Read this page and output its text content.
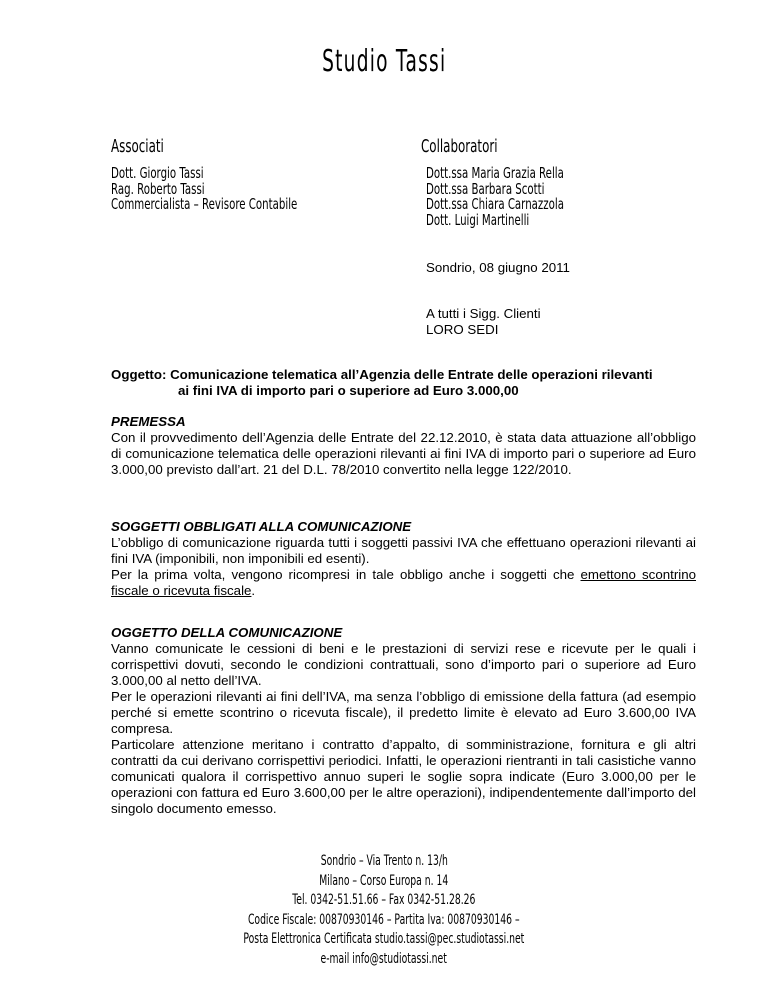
Studio Tassi
Associati	Collaboratori
Dott. Giorgio Tassi
Rag. Roberto Tassi
Commercialista – Revisore Contabile
Dott.ssa Maria Grazia Rella
Dott.ssa Barbara Scotti
Dott.ssa Chiara Carnazzola
Dott. Luigi Martinelli
Sondrio, 08 giugno 2011
A tutti i Sigg. Clienti
LORO SEDI
Oggetto: Comunicazione telematica all’Agenzia delle Entrate delle operazioni rilevanti
ai fini IVA di importo pari o superiore ad Euro 3.000,00
PREMESSA
Con il provvedimento dell’Agenzia delle Entrate del 22.12.2010, è stata data attuazione all’obbligo di comunicazione telematica delle operazioni rilevanti ai fini IVA di importo pari o superiore ad Euro 3.000,00 previsto dall’art. 21 del D.L. 78/2010 convertito nella legge 122/2010.
SOGGETTI OBBLIGATI ALLA COMUNICAZIONE
L’obbligo di comunicazione riguarda tutti i soggetti passivi IVA che effettuano operazioni rilevanti ai fini IVA (imponibili, non imponibili ed esenti).
Per la prima volta, vengono ricompresi in tale obbligo anche i soggetti che emettono scontrino fiscale o ricevuta fiscale.
OGGETTO DELLA COMUNICAZIONE
Vanno comunicate le cessioni di beni e le prestazioni di servizi rese e ricevute per le quali i corrispettivi dovuti, secondo le condizioni contrattuali, sono d’importo pari o superiore ad Euro 3.000,00 al netto dell’IVA.
Per le operazioni rilevanti ai fini dell’IVA, ma senza l’obbligo di emissione della fattura (ad esempio perché si emette scontrino o ricevuta fiscale), il predetto limite è elevato ad Euro 3.600,00 IVA compresa.
Particolare attenzione meritano i contratto d’appalto, di somministrazione, fornitura e gli altri contratti da cui derivano corrispettivi periodici. Infatti, le operazioni rientranti in tali casistiche vanno comunicati qualora il corrispettivo annuo superi le soglie sopra indicate (Euro 3.000,00 per le operazioni con fattura ed Euro 3.600,00 per le altre operazioni), indipendentemente dall’importo del singolo documento emesso.
Sondrio – Via Trento n. 13/h
Milano – Corso Europa n. 14
Tel. 0342-51.51.66 – Fax 0342-51.28.26
Codice Fiscale: 00870930146 – Partita Iva: 00870930146 –
Posta Elettronica Certificata studio.tassi@pec.studiotassi.net
e-mail info@studiotassi.net
